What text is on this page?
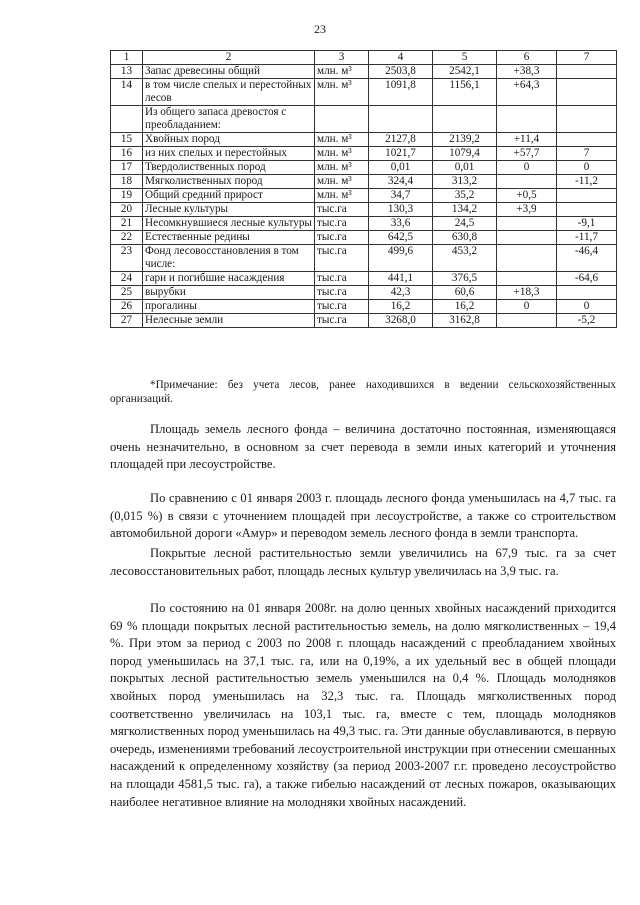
23
1	2	3	4	5	6	7
13	Запас древесины общий	млн. м³	2503,8	2542,1	+38,3	
14	в том числе спелых и перестойных лесов	млн. м³	1091,8	1156,1	+64,3	
	Из общего запаса древостоя с преобладанием:					
15	Хвойных пород	млн. м³	2127,8	2139,2	+11,4	
16	из них спелых и перестойных	млн. м³	1021,7	1079,4	+57,7	7
17	Твердолиственных пород	млн. м³	0,01	0,01	0	0
18	Мягколиственных пород	млн. м³	324,4	313,2		-11,2
19	Общий средний прирост	млн. м³	34,7	35,2	+0,5	
20	Лесные культуры	тыс.га	130,3	134,2	+3,9	
21	Несомкнувшиеся лесные культуры	тыс.га	33,6	24,5		-9,1
22	Естественные редины	тыс.га	642,5	630,8		-11,7
23	Фонд лесовосстановления в том числе:	тыс.га	499,6	453,2		-46,4
24	гари и погибшие насаждения	тыс.га	441,1	376,5		-64,6
25	вырубки	тыс.га	42,3	60,6	+18,3	
26	прогалины	тыс.га	16,2	16,2	0	0
27	Нелесные земли	тыс.га	3268,0	3162,8		-5,2
*Примечание: без учета лесов, ранее находившихся в ведении сельскохозяйственных организаций.

Площадь земель лесного фонда – величина достаточно постоянная, изменяющаяся очень незначительно, в основном за счет перевода в земли иных категорий и уточнения площадей при лесоустройстве.

По сравнению с 01 января 2003 г. площадь лесного фонда уменьшилась на 4,7 тыс. га (0,015 %) в связи с уточнением площадей при лесоустройстве, а также со строительством автомобильной дороги «Амур» и переводом земель лесного фонда в земли транспорта.

Покрытые лесной растительностью земли увеличились на 67,9 тыс. га за счет лесовосстановительных работ, площадь лесных культур увеличилась на 3,9 тыс. га.

По состоянию на 01 января 2008г. на долю ценных хвойных насаждений приходится 69 % площади покрытых лесной растительностью земель, на долю мягколиственных – 19,4 %. При этом за период с 2003 по 2008 г. площадь насаждений с преобладанием хвойных пород уменьшилась на 37,1 тыс. га, или на 0,19%, а их удельный вес в общей площади покрытых лесной растительностью земель уменьшился на 0,4 %. Площадь молодняков хвойных пород уменьшилась на 32,3 тыс. га. Площадь мягколиственных пород соответственно увеличилась на 103,1 тыс. га, вместе с тем, площадь молодняков мягколиственных пород уменьшилась на 49,3 тыс. га. Эти данные обуславливаются, в первую очередь, изменениями требований лесоустроительной инструкции при отнесении смешанных насаждений к определенному хозяйству (за период 2003-2007 г.г. проведено лесоустройство на площади 4581,5 тыс. га), а также гибелью насаждений от лесных пожаров, оказывающих наиболее негативное влияние на молодняки хвойных насаждений.
